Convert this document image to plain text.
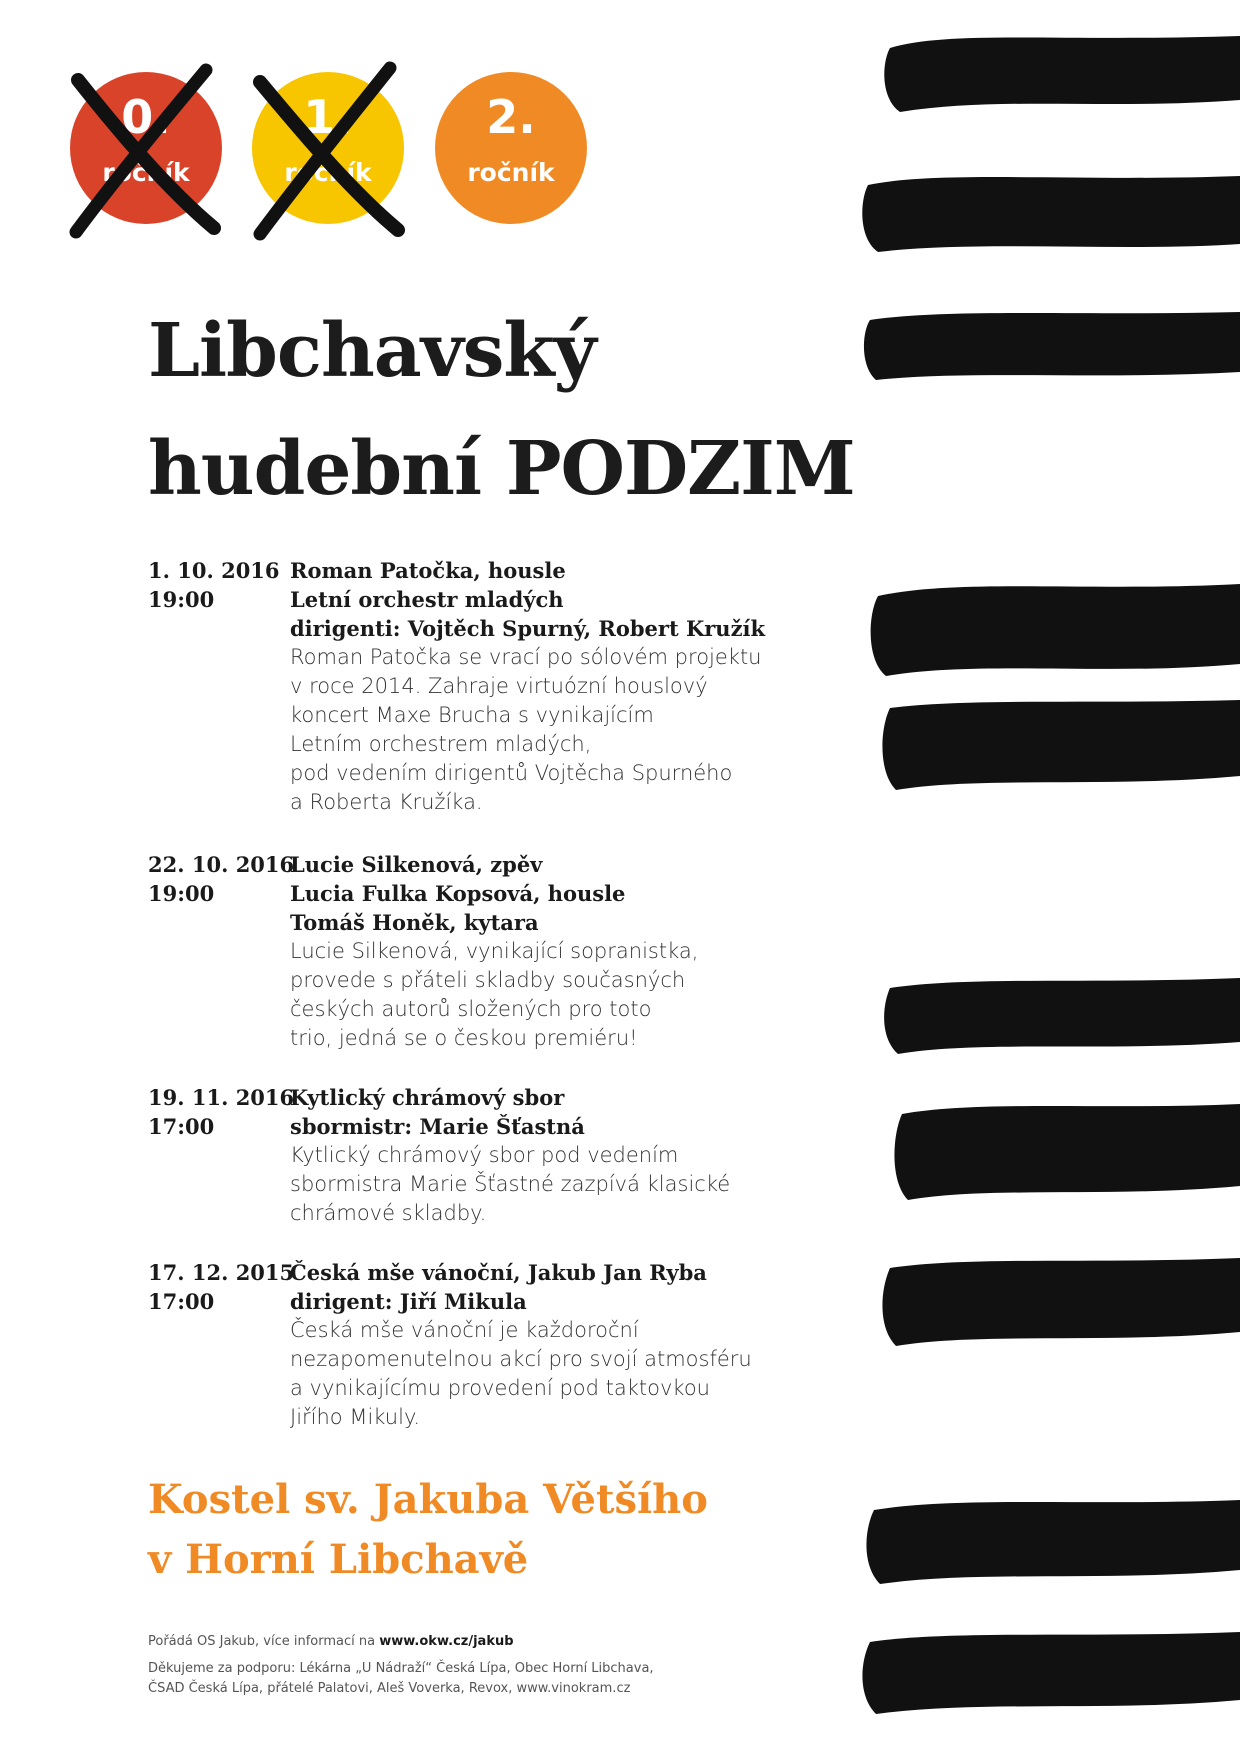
0.
ročník
1.
ročník
2.
ročník
Libchavský
hudební PODZIM
1. 10. 2016
19:00
Roman Patočka, housle
Letní orchestr mladých
dirigenti: Vojtěch Spurný, Robert Kružík
Roman Patočka se vrací po sólovém projektu
v roce 2014. Zahraje virtuózní houslový
koncert Maxe Brucha s vynikajícím
Letním orchestrem mladých,
pod vedením dirigentů Vojtěcha Spurného
a Roberta Kružíka.
22. 10. 2016
19:00
Lucie Silkenová, zpěv
Lucia Fulka Kopsová, housle
Tomáš Honěk, kytara
Lucie Silkenová, vynikající sopranistka,
provede s přáteli skladby současných
českých autorů složených pro toto
trio, jedná se o českou premiéru!
19. 11. 2016
17:00
Kytlický chrámový sbor
sbormistr: Marie Šťastná
Kytlický chrámový sbor pod vedením
sbormistra Marie Šťastné zazpívá klasické
chrámové skladby.
17. 12. 2015
17:00
Česká mše vánoční, Jakub Jan Ryba
dirigent: Jiří Mikula
Česká mše vánoční je každoroční
nezapomenutelnou akcí pro svojí atmosféru
a vynikajícímu provedení pod taktovkou
Jiřího Mikuly.
Kostel sv. Jakuba Většího
v Horní Libchavě
Pořádá OS Jakub, více informací na www.okw.cz/jakub
Děkujeme za podporu: Lékárna „U Nádraží“ Česká Lípa, Obec Horní Libchava,
ČSAD Česká Lípa, přátelé Palatovi, Aleš Voverka, Revox, www.vinokram.cz
